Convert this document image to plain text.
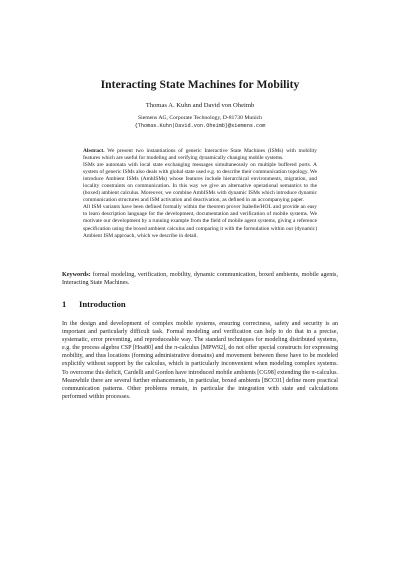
Interacting State Machines for Mobility
Thomas A. Kuhn and David von Oheimb
Siemens AG, Corporate Technology, D-81730 Munich
{Thomas.Kuhn|David.von.Oheimb}@siemens.com

Abstract. We present two instantiations of generic Interactive State Machines (ISMs) with mobility features which are useful for modeling and verifying dynamically changing mobile systems.

ISMs are automata with local state exchanging messages simultaneously on multiple buffered ports. A system of generic ISMs also deals with global state used e.g. to describe their communication topology. We introduce Ambient ISMs (AmbISMs) whose features include hierarchical environments, migration, and locality constraints on communication. In this way we give an alternative operational semantics to the (boxed) ambient calculus. Moreover, we combine AmbISMs with dynamic ISMs which introduce dynamic communication structures and ISM activation and deactivation, as defined in an accompanying paper.

All ISM variants have been defined formally within the theorem prover Isabelle/HOL and provide an easy to learn description language for the development, documentation and verification of mobile systems. We motivate our development by a running example from the field of mobile agent systems, giving a reference specification using the boxed ambient calculus and comparing it with the formulation within our (dynamic) Ambient ISM approach, which we describe in detail.

Keywords: formal modeling, verification, mobility, dynamic communication, boxed ambients, mobile agents, Interacting State Machines.
1 Introduction
In the design and development of complex mobile systems, ensuring correctness, safety and security is an important and particularly difficult task. Formal modeling and verification can help to do that in a precise, systematic, error preventing, and reproduceable way. The standard techniques for modeling distributed systems, e.g. the process algebra CSP [Hoa80] and the π-calculus [MPW92], do not offer special constructs for expressing mobility, and thus locations (forming administrative domains) and movement between these have to be modeled explicitly without support by the calculus, which is particularly inconvenient when modeling complex systems. To overcome this deficit, Cardelli and Gordon have introduced mobile ambients [CG98] extending the π-calculus. Meanwhile there are several further enhancements, in particular, boxed ambients [BCC01] define more practical communication patterns. Other problems remain, in particular the integration with state and calculations performed within processes.
